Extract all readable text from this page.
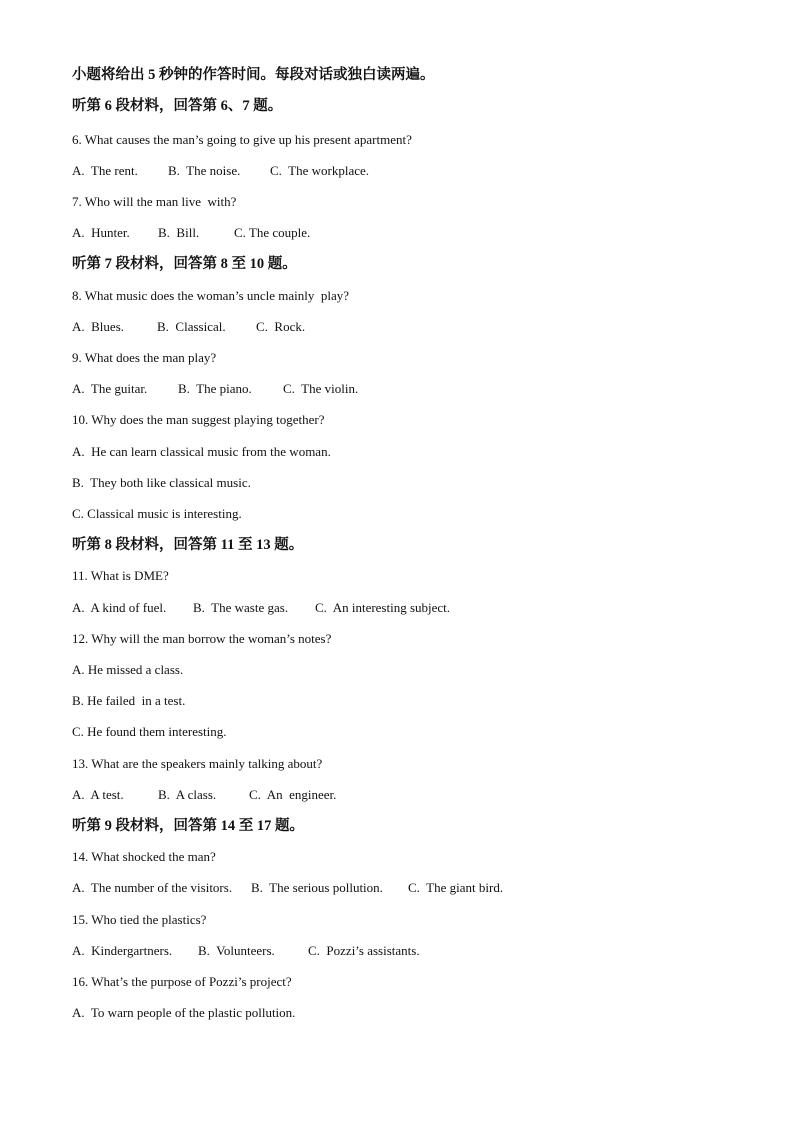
小题将给出 5 秒钟的作答时间。每段对话或独白读两遍。
听第 6 段材料，回答第 6、7 题。
6. What causes the man’s going to give up his present apartment?
A.  The rent. B.  The noise. C.  The workplace.
7. Who will the man live  with?
A.  Hunter. B.  Bill.	C. The couple.
听第 7 段材料，回答第 8 至 10 题。
8. What music does the woman’s uncle mainly  play?
A.  Blues.	B.  Classical. C.  Rock.
9. What does the man play?
A.  The guitar. B.  The piano. C.  The violin.
10. Why does the man suggest playing together?
A.  He can learn classical music from the woman.
B.  They both like classical music.
C. Classical music is interesting.
听第 8 段材料，回答第 11 至 13 题。
11. What is DME?
A.  A kind of fuel. B.  The waste gas. C.  An interesting subject.
12. Why will the man borrow the woman’s notes?
A. He missed a class.
B. He failed  in a test.
C. He found them interesting.
13. What are the speakers mainly talking about?
A.  A test.	B.  A class.	C.  An  engineer.
听第 9 段材料，回答第 14 至 17 题。
14. What shocked the man?
A.  The number of the visitors. B.  The serious pollution. C.  The giant bird.
15. Who tied the plastics?
A.  Kindergartners. B.  Volunteers.	C.  Pozzi’s assistants.
16. What’s the purpose of Pozzi’s project?
A.  To warn people of the plastic pollution.
